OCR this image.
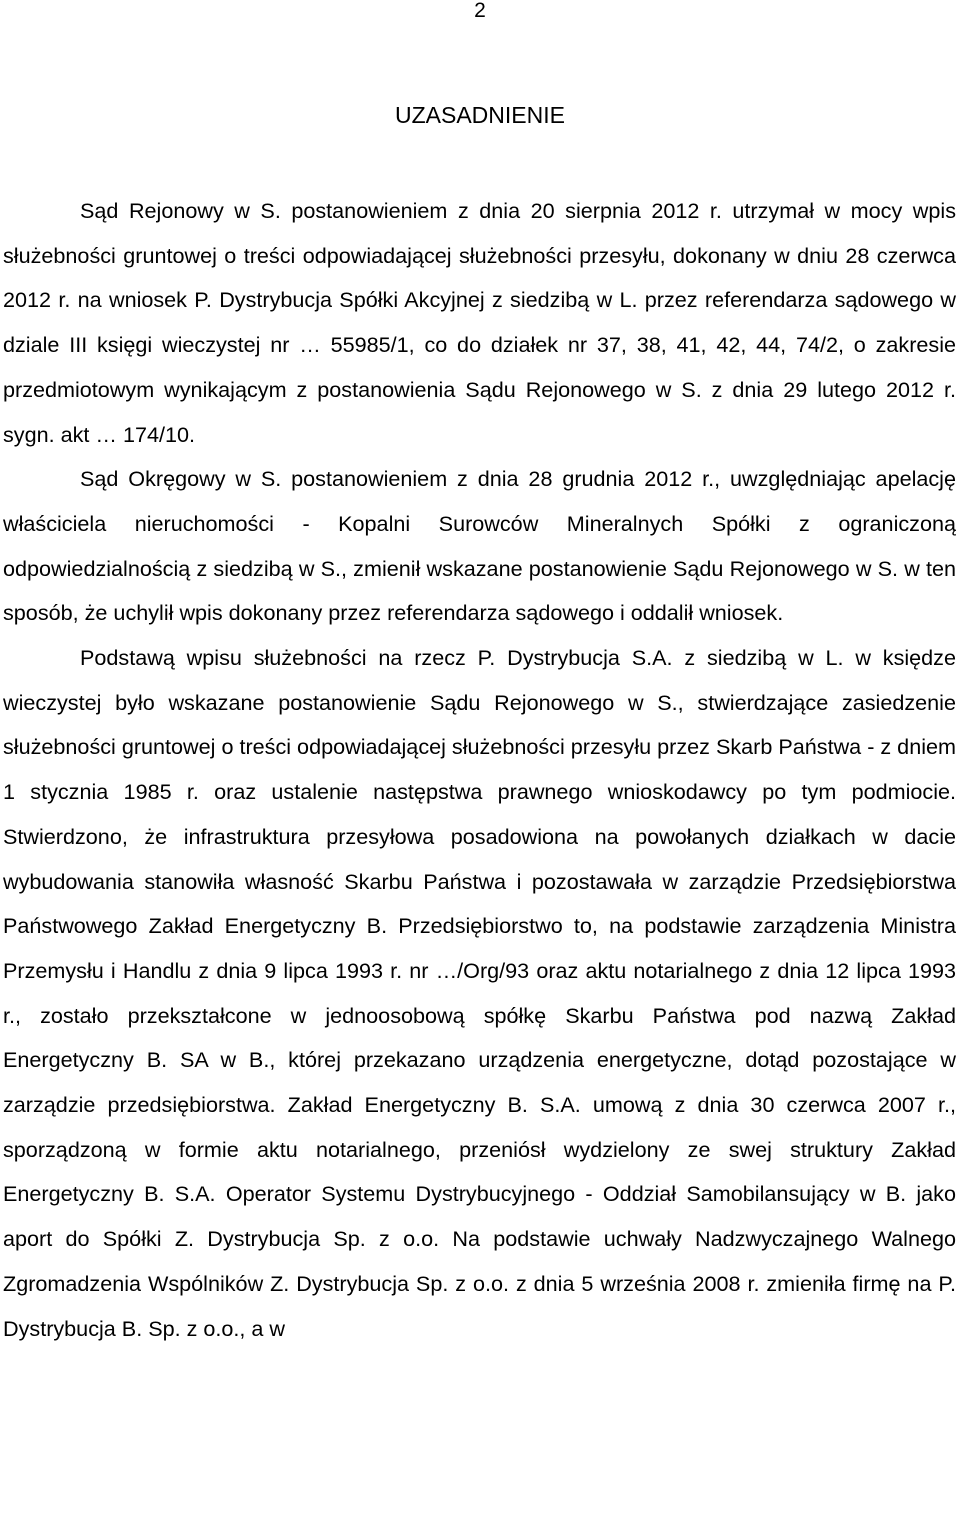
2
UZASADNIENIE

Sąd Rejonowy w S. postanowieniem z dnia 20 sierpnia 2012 r. utrzymał w mocy wpis służebności gruntowej o treści odpowiadającej służebności przesyłu, dokonany w dniu 28 czerwca 2012 r. na wniosek P. Dystrybucja Spółki Akcyjnej z siedzibą w L. przez referendarza sądowego w dziale III księgi wieczystej nr … 55985/1, co do działek nr 37, 38, 41, 42, 44, 74/2, o zakresie przedmiotowym wynikającym z postanowienia Sądu Rejonowego w S. z dnia 29 lutego 2012 r. sygn. akt … 174/10.

Sąd Okręgowy w S. postanowieniem z dnia 28 grudnia 2012 r., uwzględniając apelację właściciela nieruchomości - Kopalni Surowców Mineralnych Spółki z ograniczoną odpowiedzialnością z siedzibą w S., zmienił wskazane postanowienie Sądu Rejonowego w S. w ten sposób, że uchylił wpis dokonany przez referendarza sądowego i oddalił wniosek.

Podstawą wpisu służebności na rzecz P. Dystrybucja S.A. z siedzibą w L. w księdze wieczystej było wskazane postanowienie Sądu Rejonowego w S., stwierdzające zasiedzenie służebności gruntowej o treści odpowiadającej służebności przesyłu przez Skarb Państwa - z dniem 1 stycznia 1985 r. oraz ustalenie następstwa prawnego wnioskodawcy po tym podmiocie. Stwierdzono, że infrastruktura przesyłowa posadowiona na powołanych działkach w dacie wybudowania stanowiła własność Skarbu Państwa i pozostawała w zarządzie Przedsiębiorstwa Państwowego Zakład Energetyczny B. Przedsiębiorstwo to, na podstawie zarządzenia Ministra Przemysłu i Handlu z dnia 9 lipca 1993 r. nr …/Org/93 oraz aktu notarialnego z dnia 12 lipca 1993 r., zostało przekształcone w jednoosobową spółkę Skarbu Państwa pod nazwą Zakład Energetyczny B. SA w B., której przekazano urządzenia energetyczne, dotąd pozostające w zarządzie przedsiębiorstwa. Zakład Energetyczny B. S.A. umową z dnia 30 czerwca 2007 r., sporządzoną w formie aktu notarialnego, przeniósł wydzielony ze swej struktury Zakład Energetyczny B. S.A. Operator Systemu Dystrybucyjnego - Oddział Samobilansujący w B. jako aport do Spółki Z. Dystrybucja Sp. z o.o. Na podstawie uchwały Nadzwyczajnego Walnego Zgromadzenia Wspólników Z. Dystrybucja Sp. z o.o. z dnia 5 września 2008 r. zmieniła firmę na P. Dystrybucja B. Sp. z o.o., a w
